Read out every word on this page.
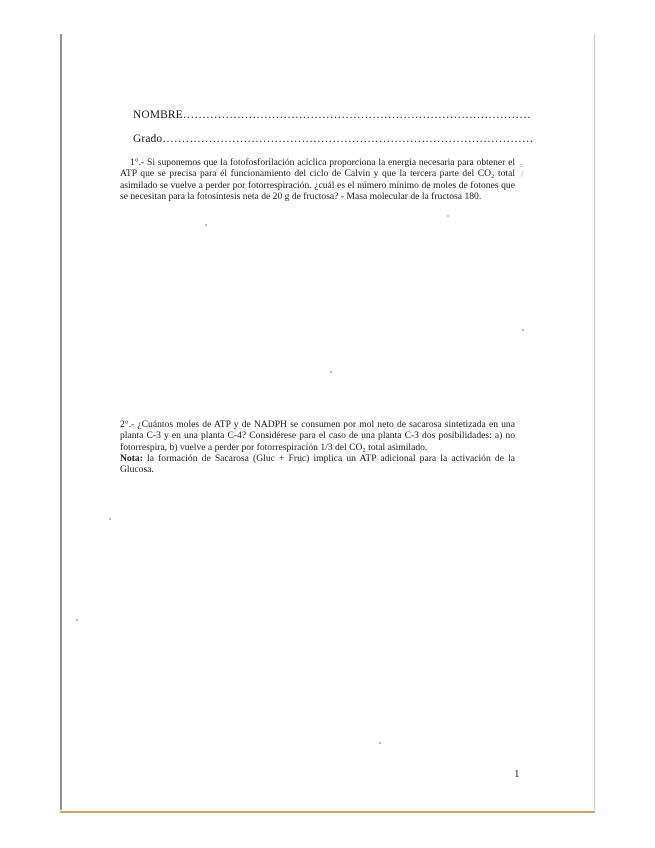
NOMBRE………………………………………………………………………………
Grado……………………………………………………………………………………
1°.- Si suponemos que la fotofosforilación acíclica proporciona la energía necesaria para obtener el ATP que se precisa para él funcionamiento del ciclo de Calvin y que la tercera parte del CO₂ total asimilado se vuelve a perder por fotorrespiración. ¿cuál es el número mínimo de moles de fotones que se necesitan para la fotosíntesis neta de 20 g de fructosa? - Masa molecular de la fructosa 180.
2°.- ¿Cuántos moles de ATP y de NADPH se consumen por mol neto de sacarosa sintetizada en una planta C-3 y en una planta C-4? Considérese para el caso de una planta C-3 dos posibilidades: a) no fotorrespira, b) vuelve a perder por fotorrespiración 1/3 del CO₂ total asimilado.
Nota: la formación de Sacarosa (Gluc + Fruc) implica un ATP adicional para la activación de la Glucosa.
1
〟
/
